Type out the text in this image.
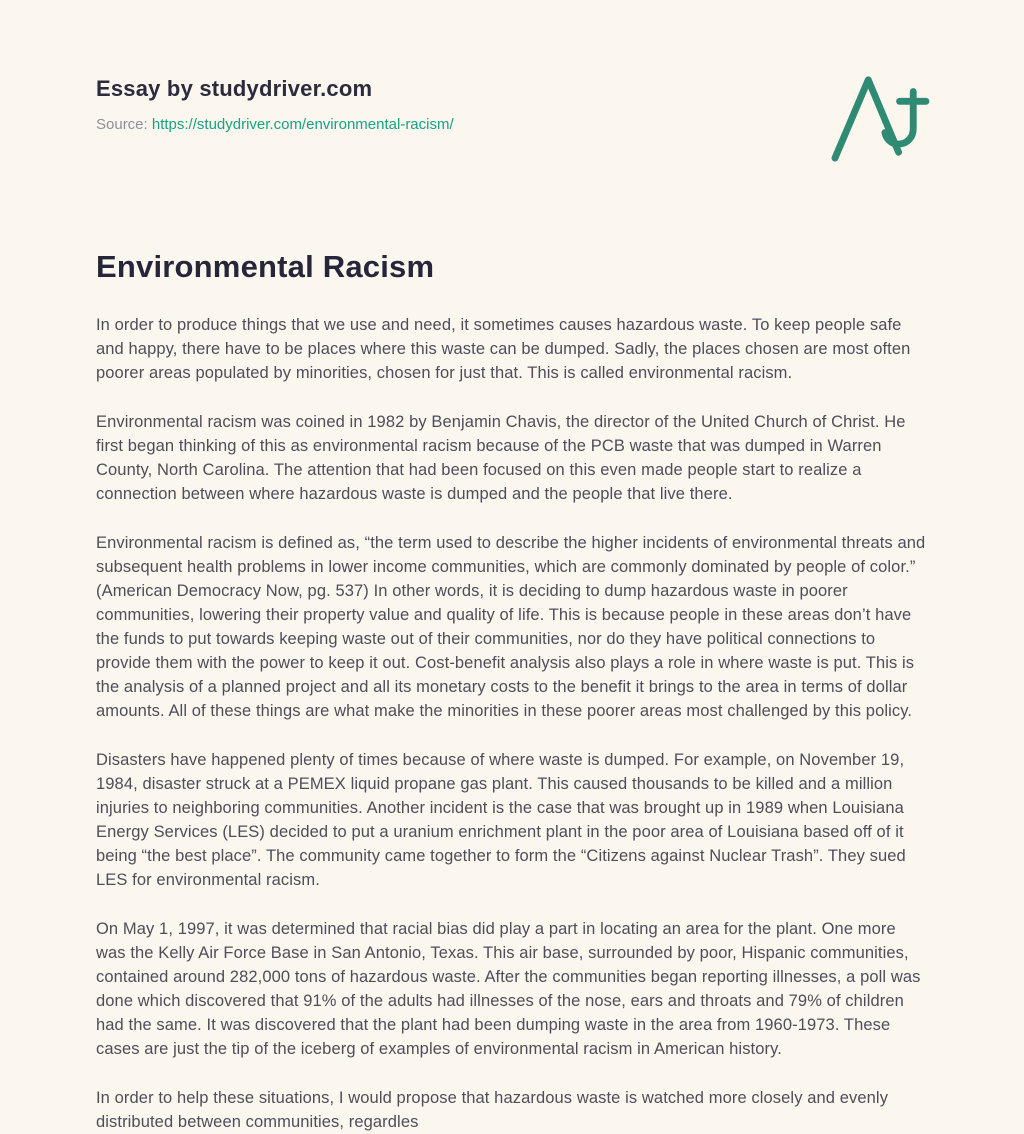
Essay by studydriver.com
Source: https://studydriver.com/environmental-racism/
Environmental Racism

In order to produce things that we use and need, it sometimes causes hazardous waste. To keep people safe and happy, there have to be places where this waste can be dumped. Sadly, the places chosen are most often poorer areas populated by minorities, chosen for just that. This is called environmental racism.

Environmental racism was coined in 1982 by Benjamin Chavis, the director of the United Church of Christ. He first began thinking of this as environmental racism because of the PCB waste that was dumped in Warren County, North Carolina. The attention that had been focused on this even made people start to realize a connection between where hazardous waste is dumped and the people that live there.

Environmental racism is defined as, “the term used to describe the higher incidents of environmental threats and subsequent health problems in lower income communities, which are commonly dominated by people of color.” (American Democracy Now, pg. 537) In other words, it is deciding to dump hazardous waste in poorer communities, lowering their property value and quality of life. This is because people in these areas don’t have the funds to put towards keeping waste out of their communities, nor do they have political connections to provide them with the power to keep it out. Cost-benefit analysis also plays a role in where waste is put. This is the analysis of a planned project and all its monetary costs to the benefit it brings to the area in terms of dollar amounts. All of these things are what make the minorities in these poorer areas most challenged by this policy.

Disasters have happened plenty of times because of where waste is dumped. For example, on November 19, 1984, disaster struck at a PEMEX liquid propane gas plant. This caused thousands to be killed and a million injuries to neighboring communities. Another incident is the case that was brought up in 1989 when Louisiana Energy Services (LES) decided to put a uranium enrichment plant in the poor area of Louisiana based off of it being “the best place”. The community came together to form the “Citizens against Nuclear Trash”. They sued LES for environmental racism.

On May 1, 1997, it was determined that racial bias did play a part in locating an area for the plant. One more was the Kelly Air Force Base in San Antonio, Texas. This air base, surrounded by poor, Hispanic communities, contained around 282,000 tons of hazardous waste. After the communities began reporting illnesses, a poll was done which discovered that 91% of the adults had illnesses of the nose, ears and throats and 79% of children had the same. It was discovered that the plant had been dumping waste in the area from 1960-1973. These cases are just the tip of the iceberg of examples of environmental racism in American history.

In order to help these situations, I would propose that hazardous waste is watched more closely and evenly distributed between communities, regardles
